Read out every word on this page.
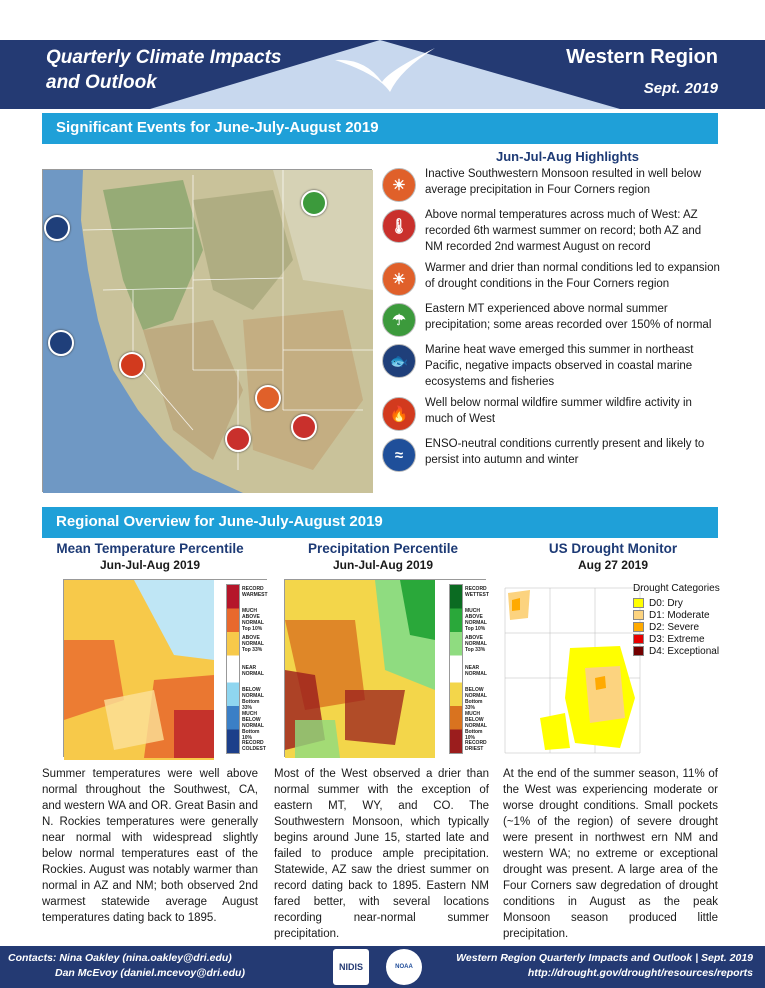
Quarterly Climate Impacts
and Outlook
Western Region
Sept. 2019
Significant Events for June-July-August 2019
Jun-Jul-Aug Highlights
☀
Inactive Southwestern Monsoon resulted in well below average precipitation in Four Corners region
🌡
Above normal temperatures across much of West: AZ recorded 6th warmest summer on record; both AZ and NM recorded 2nd warmest August on record
☀
Warmer and drier than normal conditions led to expansion of drought conditions in the Four Corners region
☂
Eastern MT experienced above normal summer precipitation; some areas recorded over 150% of normal
🐟
Marine heat wave emerged this summer in northeast Pacific, negative impacts observed in coastal marine ecosystems and fisheries
🔥
Well below normal wildfire summer wildfire activity in much of West
≈
ENSO-neutral conditions currently present and likely to persist into autumn and winter
Regional Overview for June-July-August 2019
Mean Temperature Percentile
Jun-Jul-Aug 2019
RECORD WARMEST
MUCH ABOVE NORMAL Top 10%
ABOVE NORMAL Top 33%
NEAR NORMAL
BELOW NORMAL Bottom 33%
MUCH BELOW NORMAL Bottom 10%
RECORD COLDEST
Summer temperatures were well above normal throughout the Southwest, CA, and western WA and OR. Great Basin and N. Rockies temperatures were generally near normal with widespread slightly below normal temperatures east of the Rockies. August was notably warmer than normal in AZ and NM; both observed 2nd warmest statewide average August temperatures dating back to 1895.
Precipitation Percentile
Jun-Jul-Aug 2019
RECORD WETTEST
MUCH ABOVE NORMAL Top 10%
ABOVE NORMAL Top 33%
NEAR NORMAL
BELOW NORMAL Bottom 33%
MUCH BELOW NORMAL Bottom 10%
RECORD DRIEST
Most of the West observed a drier than normal summer with the exception of eastern MT, WY, and CO. The Southwestern Monsoon, which typically begins around June 15, started late and failed to produce ample precipitation. Statewide, AZ saw the driest summer on record dating back to 1895. Eastern NM fared better, with several locations recording near-normal summer precipitation.
US Drought Monitor
Aug 27 2019
Drought Categories
D0: Dry
D1: Moderate
D2: Severe
D3: Extreme
D4: Exceptional
At the end of the summer season, 11% of the West was experiencing moderate or worse drought conditions. Small pockets (~1% of the region) of severe drought were present in northwest ern NM and western WA; no extreme or exceptional drought was present. A large area of the Four Corners saw degredation of drought conditions in August as the peak Monsoon season produced little precipitation.
Contacts: Nina Oakley (nina.oakley@dri.edu)
Dan McEvoy (daniel.mcevoy@dri.edu)	NIDIS	NOAA
Western Region Quarterly Impacts and Outlook | Sept. 2019
http://drought.gov/drought/resources/reports
